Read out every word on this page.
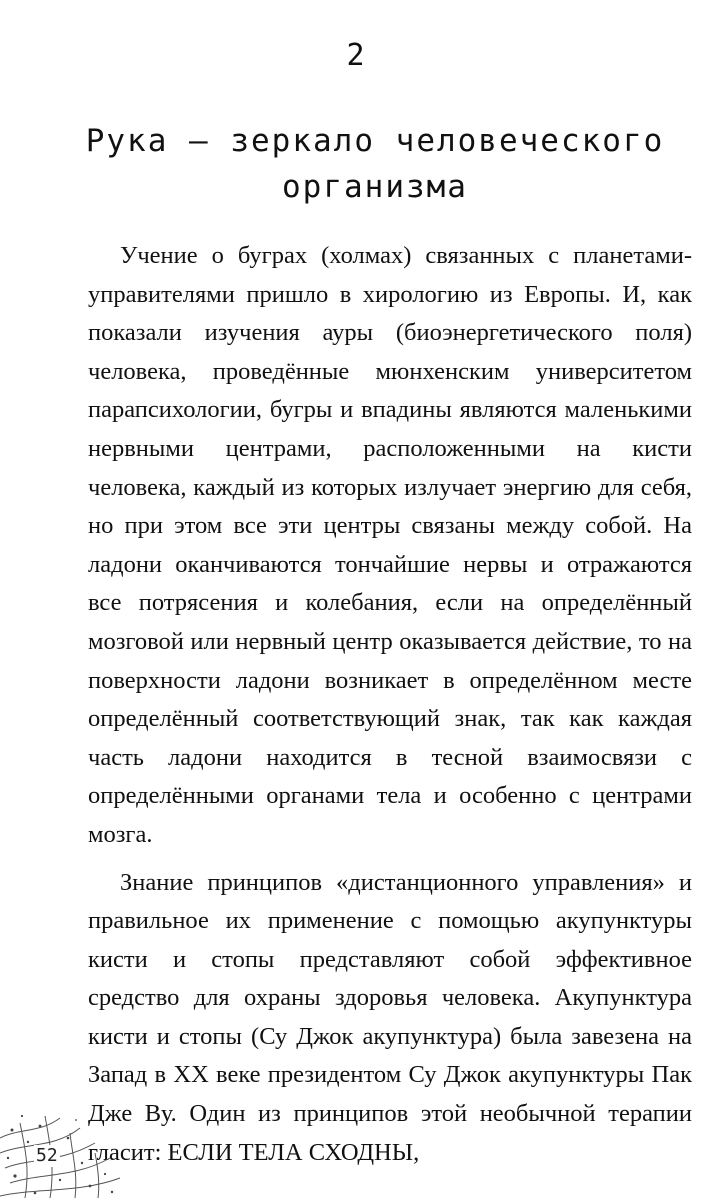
2
Рука – зеркало человеческого организма

Учение о буграх (холмах) связанных с планетами-управителями пришло в хирологию из Европы. И, как показали изучения ауры (биоэнергетического поля) человека, проведённые мюнхенским университетом парапсихологии, бугры и впадины являются маленькими нервными центрами, расположенными на кисти человека, каждый из которых излучает энергию для себя, но при этом все эти центры связаны между собой. На ладони оканчиваются тончайшие нервы и отражаются все потрясения и колебания, если на определённый мозговой или нервный центр оказывается действие, то на поверхности ладони возникает в определённом месте определённый соответствующий знак, так как каждая часть ладони находится в тесной взаимосвязи с определёнными органами тела и особенно с центрами мозга.

Знание принципов «дистанционного управления» и правильное их применение с помощью акупунктуры кисти и стопы представляют собой эффективное средство для охраны здоровья человека. Акупунктура кисти и стопы (Су Джок акупунктура) была завезена на Запад в XX веке президентом Су Джок акупунктуры Пак Дже Ву. Один из принципов этой необычной терапии гласит: ЕСЛИ ТЕЛА СХОДНЫ,

52
